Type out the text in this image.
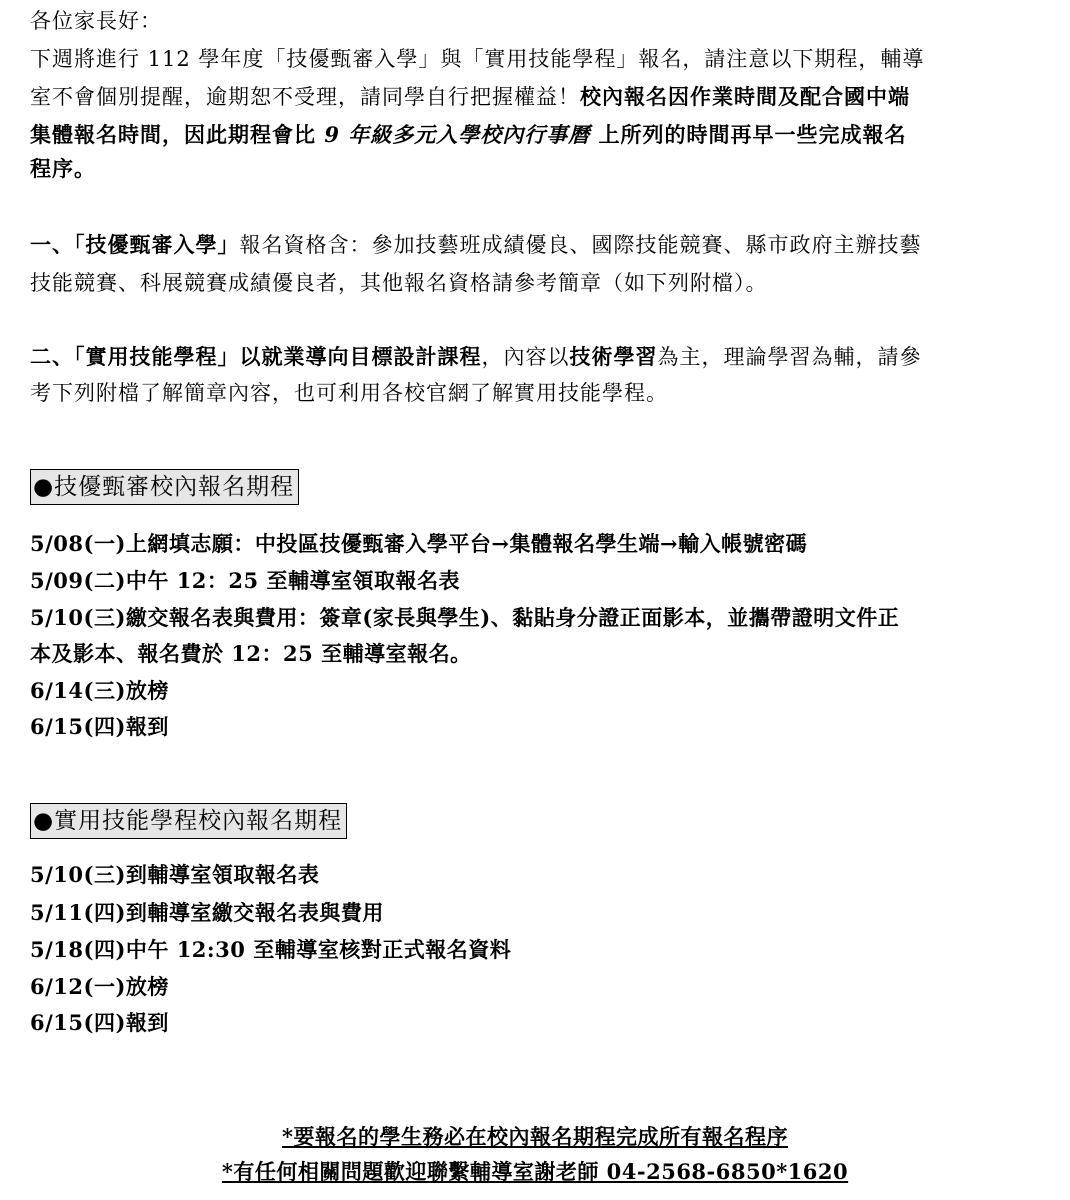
各位家長好：
下週將進行 112 學年度「技優甄審入學」與「實用技能學程」報名，請注意以下期程，輔導
室不會個別提醒，逾期恕不受理，請同學自行把握權益！校內報名因作業時間及配合國中端
集體報名時間，因此期程會比 9 年級多元入學校內行事曆 上所列的時間再早一些完成報名
程序。
一、「技優甄審入學」報名資格含：參加技藝班成績優良、國際技能競賽、縣市政府主辦技藝
技能競賽、科展競賽成績優良者，其他報名資格請參考簡章（如下列附檔）。
二、「實用技能學程」以就業導向目標設計課程，內容以技術學習為主，理論學習為輔，請參
考下列附檔了解簡章內容，也可利用各校官網了解實用技能學程。
●技優甄審校內報名期程
5/08(一)上網填志願：中投區技優甄審入學平台→集體報名學生端→輸入帳號密碼
5/09(二)中午 12：25 至輔導室領取報名表
5/10(三)繳交報名表與費用：簽章(家長與學生)、黏貼身分證正面影本，並攜帶證明文件正
本及影本、報名費於 12：25 至輔導室報名。
6/14(三)放榜
6/15(四)報到
●實用技能學程校內報名期程
5/10(三)到輔導室領取報名表
5/11(四)到輔導室繳交報名表與費用
5/18(四)中午 12:30 至輔導室核對正式報名資料
6/12(一)放榜
6/15(四)報到
*要報名的學生務必在校內報名期程完成所有報名程序
*有任何相關問題歡迎聯繫輔導室謝老師 04-2568-6850*1620
